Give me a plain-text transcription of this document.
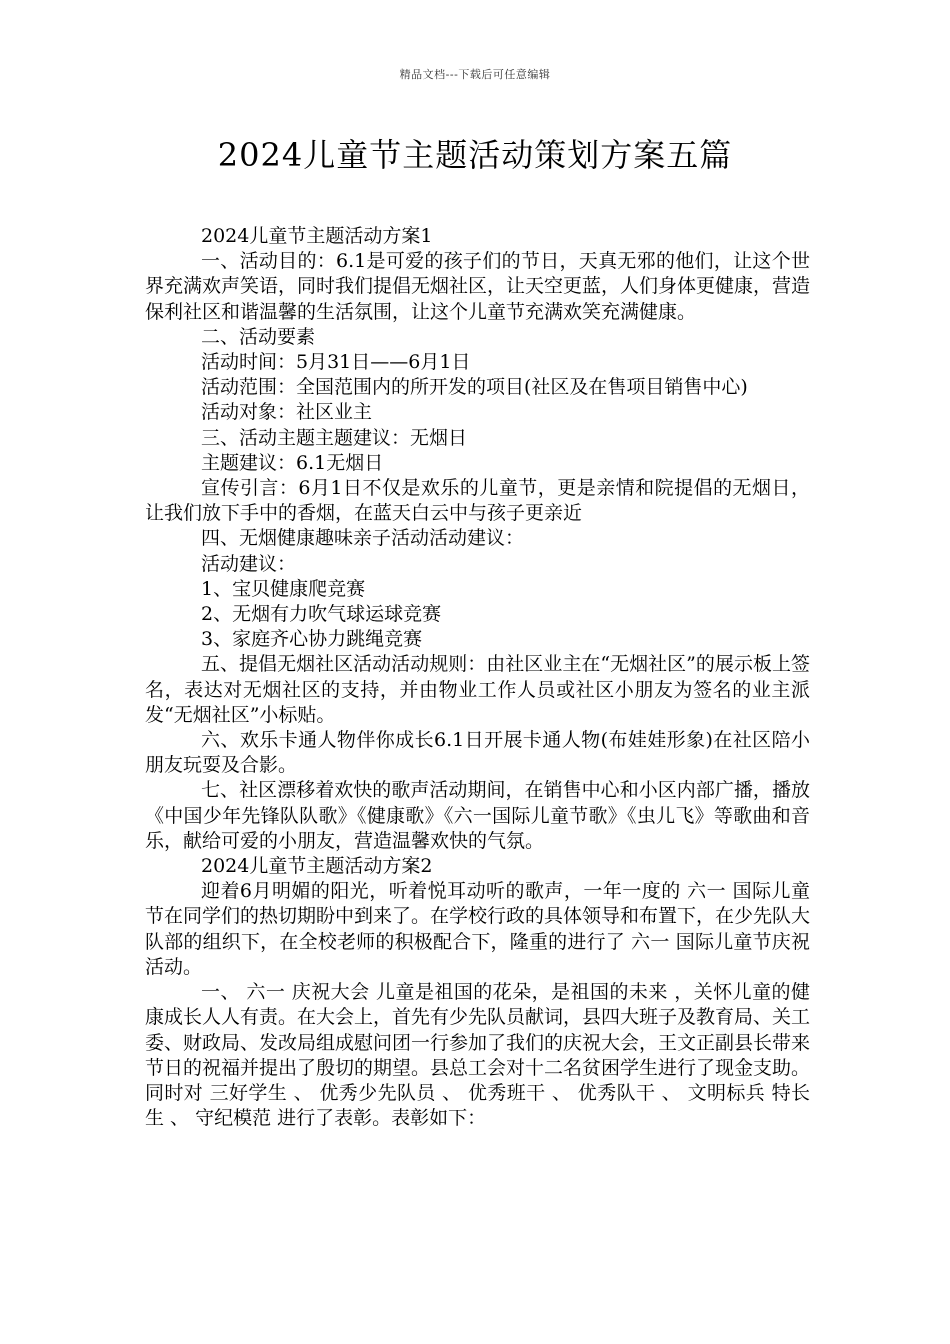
精品文档---下载后可任意编辑
2024儿童节主题活动策划方案五篇

2024儿童节主题活动方案1

一、活动目的：6.1是可爱的孩子们的节日，天真无邪的他们，让这个世界充满欢声笑语，同时我们提倡无烟社区，让天空更蓝，人们身体更健康，营造保利社区和谐温馨的生活氛围，让这个儿童节充满欢笑充满健康。

二、活动要素

活动时间：5月31日——6月1日

活动范围：全国范围内的所开发的项目(社区及在售项目销售中心)

活动对象：社区业主

三、活动主题主题建议：无烟日

主题建议：6.1无烟日

宣传引言：6月1日不仅是欢乐的儿童节，更是亲情和院提倡的无烟日，让我们放下手中的香烟，在蓝天白云中与孩子更亲近

四、无烟健康趣味亲子活动活动建议：

活动建议：

1、宝贝健康爬竞赛

2、无烟有力吹气球运球竞赛

3、家庭齐心协力跳绳竞赛

五、提倡无烟社区活动活动规则：由社区业主在“无烟社区”的展示板上签名，表达对无烟社区的支持，并由物业工作人员或社区小朋友为签名的业主派发“无烟社区”小标贴。

六、欢乐卡通人物伴你成长6.1日开展卡通人物(布娃娃形象)在社区陪小朋友玩耍及合影。

七、社区漂移着欢快的歌声活动期间，在销售中心和小区内部广播，播放《中国少年先锋队队歌》《健康歌》《六一国际儿童节歌》《虫儿飞》等歌曲和音乐，献给可爱的小朋友，营造温馨欢快的气氛。

2024儿童节主题活动方案2

迎着6月明媚的阳光，听着悦耳动听的歌声，一年一度的 六一 国际儿童节在同学们的热切期盼中到来了。在学校行政的具体领导和布置下，在少先队大队部的组织下，在全校老师的积极配合下，隆重的进行了 六一 国际儿童节庆祝活动。

一、 六一 庆祝大会 儿童是祖国的花朵，是祖国的未来 ，关怀儿童的健康成长人人有责。在大会上，首先有少先队员献词，县四大班子及教育局、关工委、财政局、发改局组成慰问团一行参加了我们的庆祝大会，王文正副县长带来节日的祝福并提出了殷切的期望。县总工会对十二名贫困学生进行了现金支助。同时对 三好学生 、 优秀少先队员 、 优秀班干 、 优秀队干 、 文明标兵 特长生 、 守纪模范 进行了表彰。表彰如下：
